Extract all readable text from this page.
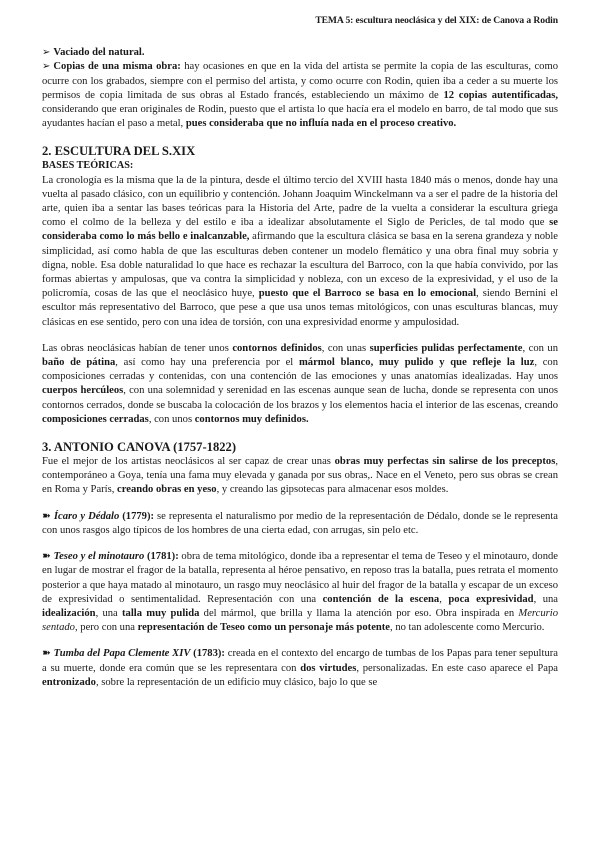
TEMA 5: escultura neoclásica y del XIX: de Canova a Rodin

➢ Vaciado del natural.

➢ Copias de una misma obra: hay ocasiones en que en la vida del artista se permite la copia de las esculturas, como ocurre con los grabados, siempre con el permiso del artista, y como ocurre con Rodin, quien iba a ceder a su muerte los permisos de copia limitada de sus obras al Estado francés, estableciendo un máximo de 12 copias autentificadas, considerando que eran originales de Rodin, puesto que el artista lo que hacía era el modelo en barro, de tal modo que sus ayudantes hacían el paso a metal, pues consideraba que no influía nada en el proceso creativo.

2. ESCULTURA DEL S.XIX
BASES TEÓRICAS:

La cronología es la misma que la de la pintura, desde el último tercio del XVIII hasta 1840 más o menos, donde hay una vuelta al pasado clásico, con un equilibrio y contención. Johann Joaquim Winckelmann va a ser el padre de la historia del arte, quien iba a sentar las bases teóricas para la Historia del Arte, padre de la vuelta a considerar la escultura griega como el colmo de la belleza y del estilo e iba a idealizar absolutamente el Siglo de Pericles, de tal modo que se consideraba como lo más bello e inalcanzable, afirmando que la escultura clásica se basa en la serena grandeza y noble simplicidad, así como habla de que las esculturas deben contener un modelo flemático y una obra final muy sobria y digna, noble. Esa doble naturalidad lo que hace es rechazar la escultura del Barroco, con la que había convivido, por las formas abiertas y ampulosas, que va contra la simplicidad y nobleza, con un exceso de la expresividad, y el uso de la policromía, cosas de las que el neoclásico huye, puesto que el Barroco se basa en lo emocional, siendo Bernini el escultor más representativo del Barroco, que pese a que usa unos temas mitológicos, con unas esculturas blancas, muy clásicas en ese sentido, pero con una idea de torsión, con una expresividad enorme y ampulosidad.

Las obras neoclásicas habían de tener unos contornos definidos, con unas superficies pulidas perfectamente, con un baño de pátina, así como hay una preferencia por el mármol blanco, muy pulido y que refleje la luz, con composiciones cerradas y contenidas, con una contención de las emociones y unas anatomías idealizadas. Hay unos cuerpos hercúleos, con una solemnidad y serenidad en las escenas aunque sean de lucha, donde se representa con unos contornos cerrados, donde se buscaba la colocación de los brazos y los elementos hacia el interior de las escenas, creando composiciones cerradas, con unos contornos muy definidos.

3. ANTONIO CANOVA (1757-1822)

Fue el mejor de los artistas neoclásicos al ser capaz de crear unas obras muy perfectas sin salirse de los preceptos, contemporáneo a Goya, tenía una fama muy elevada y ganada por sus obras,. Nace en el Veneto, pero sus obras se crean en Roma y París, creando obras en yeso, y creando las gipsotecas para almacenar esos moldes.

➽ Ícaro y Dédalo (1779): se representa el naturalismo por medio de la representación de Dédalo, donde se le representa con unos rasgos algo típicos de los hombres de una cierta edad, con arrugas, sin pelo etc.

➽ Teseo y el minotauro (1781): obra de tema mitológico, donde iba a representar el tema de Teseo y el minotauro, donde en lugar de mostrar el fragor de la batalla, representa al héroe pensativo, en reposo tras la batalla, pues retrata el momento posterior a que haya matado al minotauro, un rasgo muy neoclásico al huir del fragor de la batalla y escapar de un exceso de expresividad o sentimentalidad. Representación con una contención de la escena, poca expresividad, una idealización, una talla muy pulida del mármol, que brilla y llama la atención por eso. Obra inspirada en Mercurio sentado, pero con una representación de Teseo como un personaje más potente, no tan adolescente como Mercurio.

➽ Tumba del Papa Clemente XIV (1783): creada en el contexto del encargo de tumbas de los Papas para tener sepultura a su muerte, donde era común que se les representara con dos virtudes, personalizadas. En este caso aparece el Papa entronizado, sobre la representación de un edificio muy clásico, bajo lo que se
